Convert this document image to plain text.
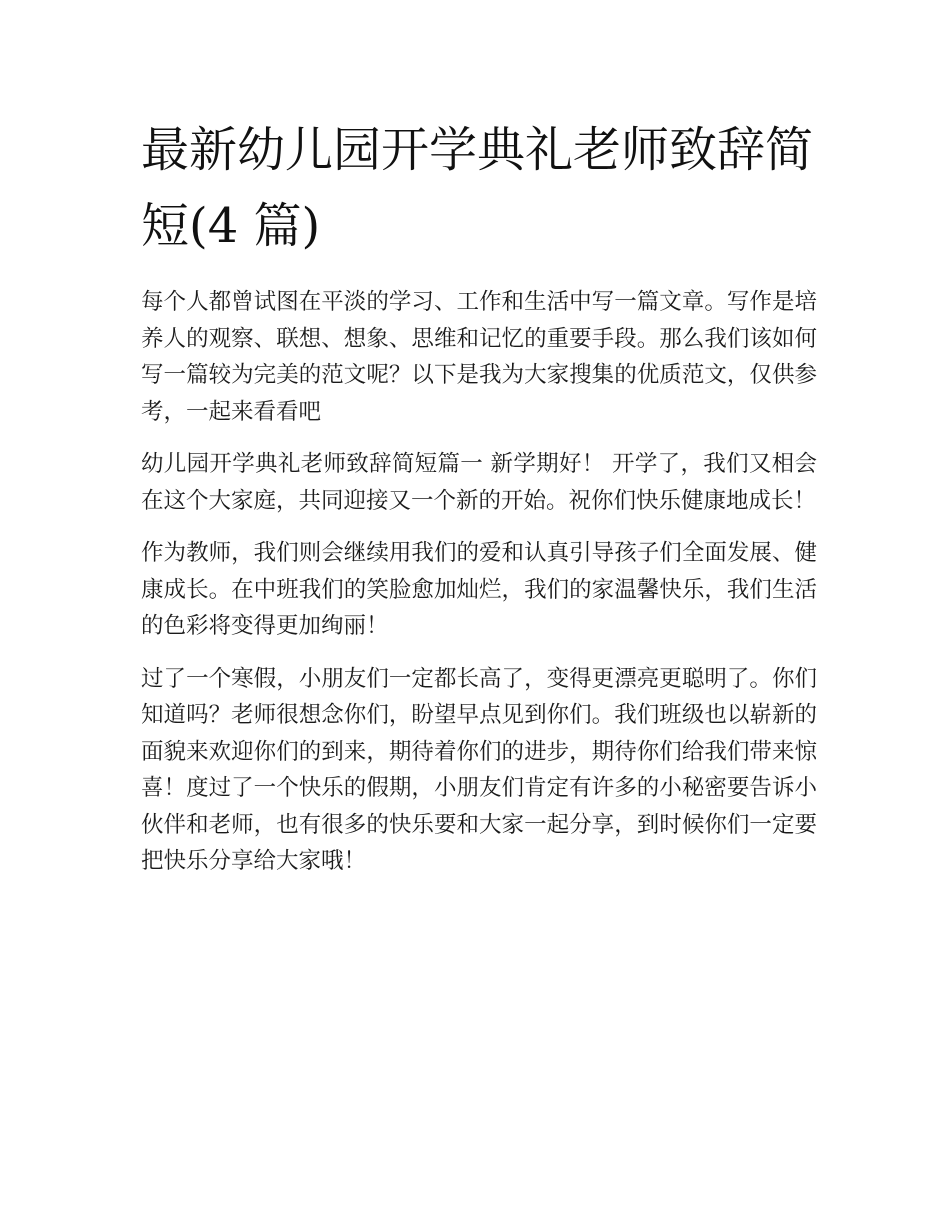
最新幼儿园开学典礼老师致辞简短(4 篇)

每个人都曾试图在平淡的学习、工作和生活中写一篇文章。写作是培养人的观察、联想、想象、思维和记忆的重要手段。那么我们该如何写一篇较为完美的范文呢？以下是我为大家搜集的优质范文，仅供参考，一起来看看吧

幼儿园开学典礼老师致辞简短篇一 新学期好！ 开学了，我们又相会在这个大家庭，共同迎接又一个新的开始。祝你们快乐健康地成长！

作为教师，我们则会继续用我们的爱和认真引导孩子们全面发展、健康成长。在中班我们的笑脸愈加灿烂，我们的家温馨快乐，我们生活的色彩将变得更加绚丽！

过了一个寒假，小朋友们一定都长高了，变得更漂亮更聪明了。你们知道吗？老师很想念你们，盼望早点见到你们。我们班级也以崭新的面貌来欢迎你们的到来，期待着你们的进步，期待你们给我们带来惊喜！度过了一个快乐的假期，小朋友们肯定有许多的小秘密要告诉小伙伴和老师，也有很多的快乐要和大家一起分享，到时候你们一定要把快乐分享给大家哦！
